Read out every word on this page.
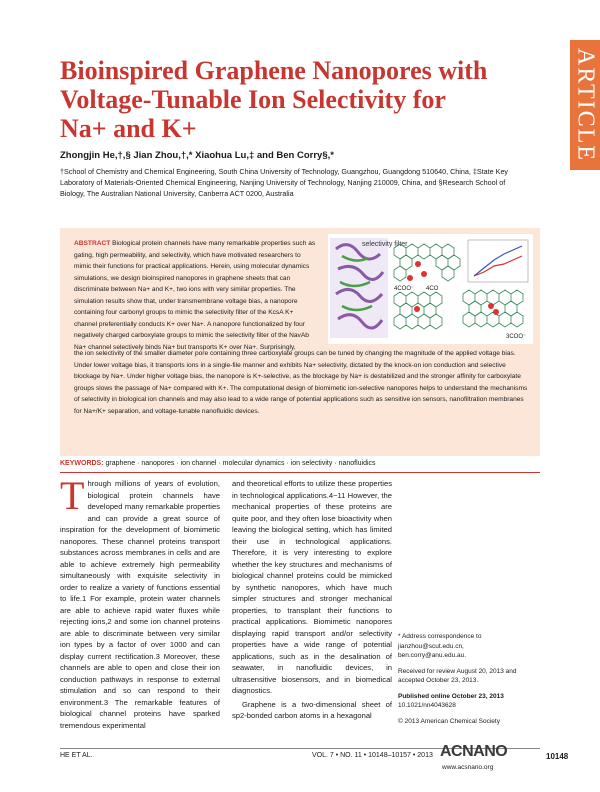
ARTICLE
Bioinspired Graphene Nanopores with Voltage-Tunable Ion Selectivity for Na+ and K+
Zhongjin He,†,§ Jian Zhou,†,* Xiaohua Lu,‡ and Ben Corry§,*
†School of Chemistry and Chemical Engineering, South China University of Technology, Guangzhou, Guangdong 510640, China, ‡State Key Laboratory of Materials-Oriented Chemical Engineering, Nanjing University of Technology, Nanjing 210009, China, and §Research School of Biology, The Australian National University, Canberra ACT 0200, Australia
ABSTRACT Biological protein channels have many remarkable properties such as gating, high permeability, and selectivity, which have motivated researchers to mimic their functions for practical applications. Herein, using molecular dynamics simulations, we design bioinspired nanopores in graphene sheets that can discriminate between Na+ and K+, two ions with very similar properties. The simulation results show that, under transmembrane voltage bias, a nanopore containing four carbonyl groups to mimic the selectivity filter of the KcsA K+ channel preferentially conducts K+ over Na+. A nanopore functionalized by four negatively charged carboxylate groups to mimic the selectivity filter of the NavAb Na+ channel selectively binds Na+ but transports K+ over Na+. Surprisingly,
selectivity filter
4COO⁻ 4CO
3COO⁻
the ion selectivity of the smaller diameter pore containing three carboxylate groups can be tuned by changing the magnitude of the applied voltage bias. Under lower voltage bias, it transports ions in a single-file manner and exhibits Na+ selectivity, dictated by the knock-on ion conduction and selective blockage by Na+. Under higher voltage bias, the nanopore is K+-selective, as the blockage by Na+ is destabilized and the stronger affinity for carboxylate groups slows the passage of Na+ compared with K+. The computational design of biomimetic ion-selective nanopores helps to understand the mechanisms of selectivity in biological ion channels and may also lead to a wide range of potential applications such as sensitive ion sensors, nanofiltration membranes for Na+/K+ separation, and voltage-tunable nanofluidic devices.
KEYWORDS: graphene · nanopores · ion channel · molecular dynamics · ion selectivity · nanofluidics

T hrough millions of years of evolution, biological protein channels have developed many remarkable properties and can provide a great source of inspiration for the development of biomimetic nanopores. These channel proteins transport substances across membranes in cells and are able to achieve extremely high permeability simultaneously with exquisite selectivity in order to realize a variety of functions essential to life.1 For example, protein water channels are able to achieve rapid water fluxes while rejecting ions,2 and some ion channel proteins are able to discriminate between very similar ion types by a factor of over 1000 and can display current rectification.3 Moreover, these channels are able to open and close their ion conduction pathways in response to external stimulation and so can respond to their environment.3 The remarkable features of biological channel proteins have sparked tremendous experimental

and theoretical efforts to utilize these properties in technological applications.4−11 However, the mechanical properties of these proteins are quite poor, and they often lose bioactivity when leaving the biological setting, which has limited their use in technological applications. Therefore, it is very interesting to explore whether the key structures and mechanisms of biological channel proteins could be mimicked by synthetic nanopores, which have much simpler structures and stronger mechanical properties, to transplant their functions to practical applications. Biomimetic nanopores displaying rapid transport and/or selectivity properties have a wide range of potential applications, such as in the desalination of seawater, in nanofluidic devices, in ultrasensitive biosensors, and in biomedical diagnostics.

Graphene is a two-dimensional sheet of sp2-bonded carbon atoms in a hexagonal

* Address correspondence to
jianzhou@scut.edu.cn,
ben.corry@anu.edu.au.
Received for review August 20, 2013 and accepted October 23, 2013.
Published online October 23, 2013
10.1021/nn4043628
© 2013 American Chemical Society
HE ET AL.	VOL. 7 • NO. 11 • 10148–10157 • 2013 ACNANO	10148
www.acsnano.org
